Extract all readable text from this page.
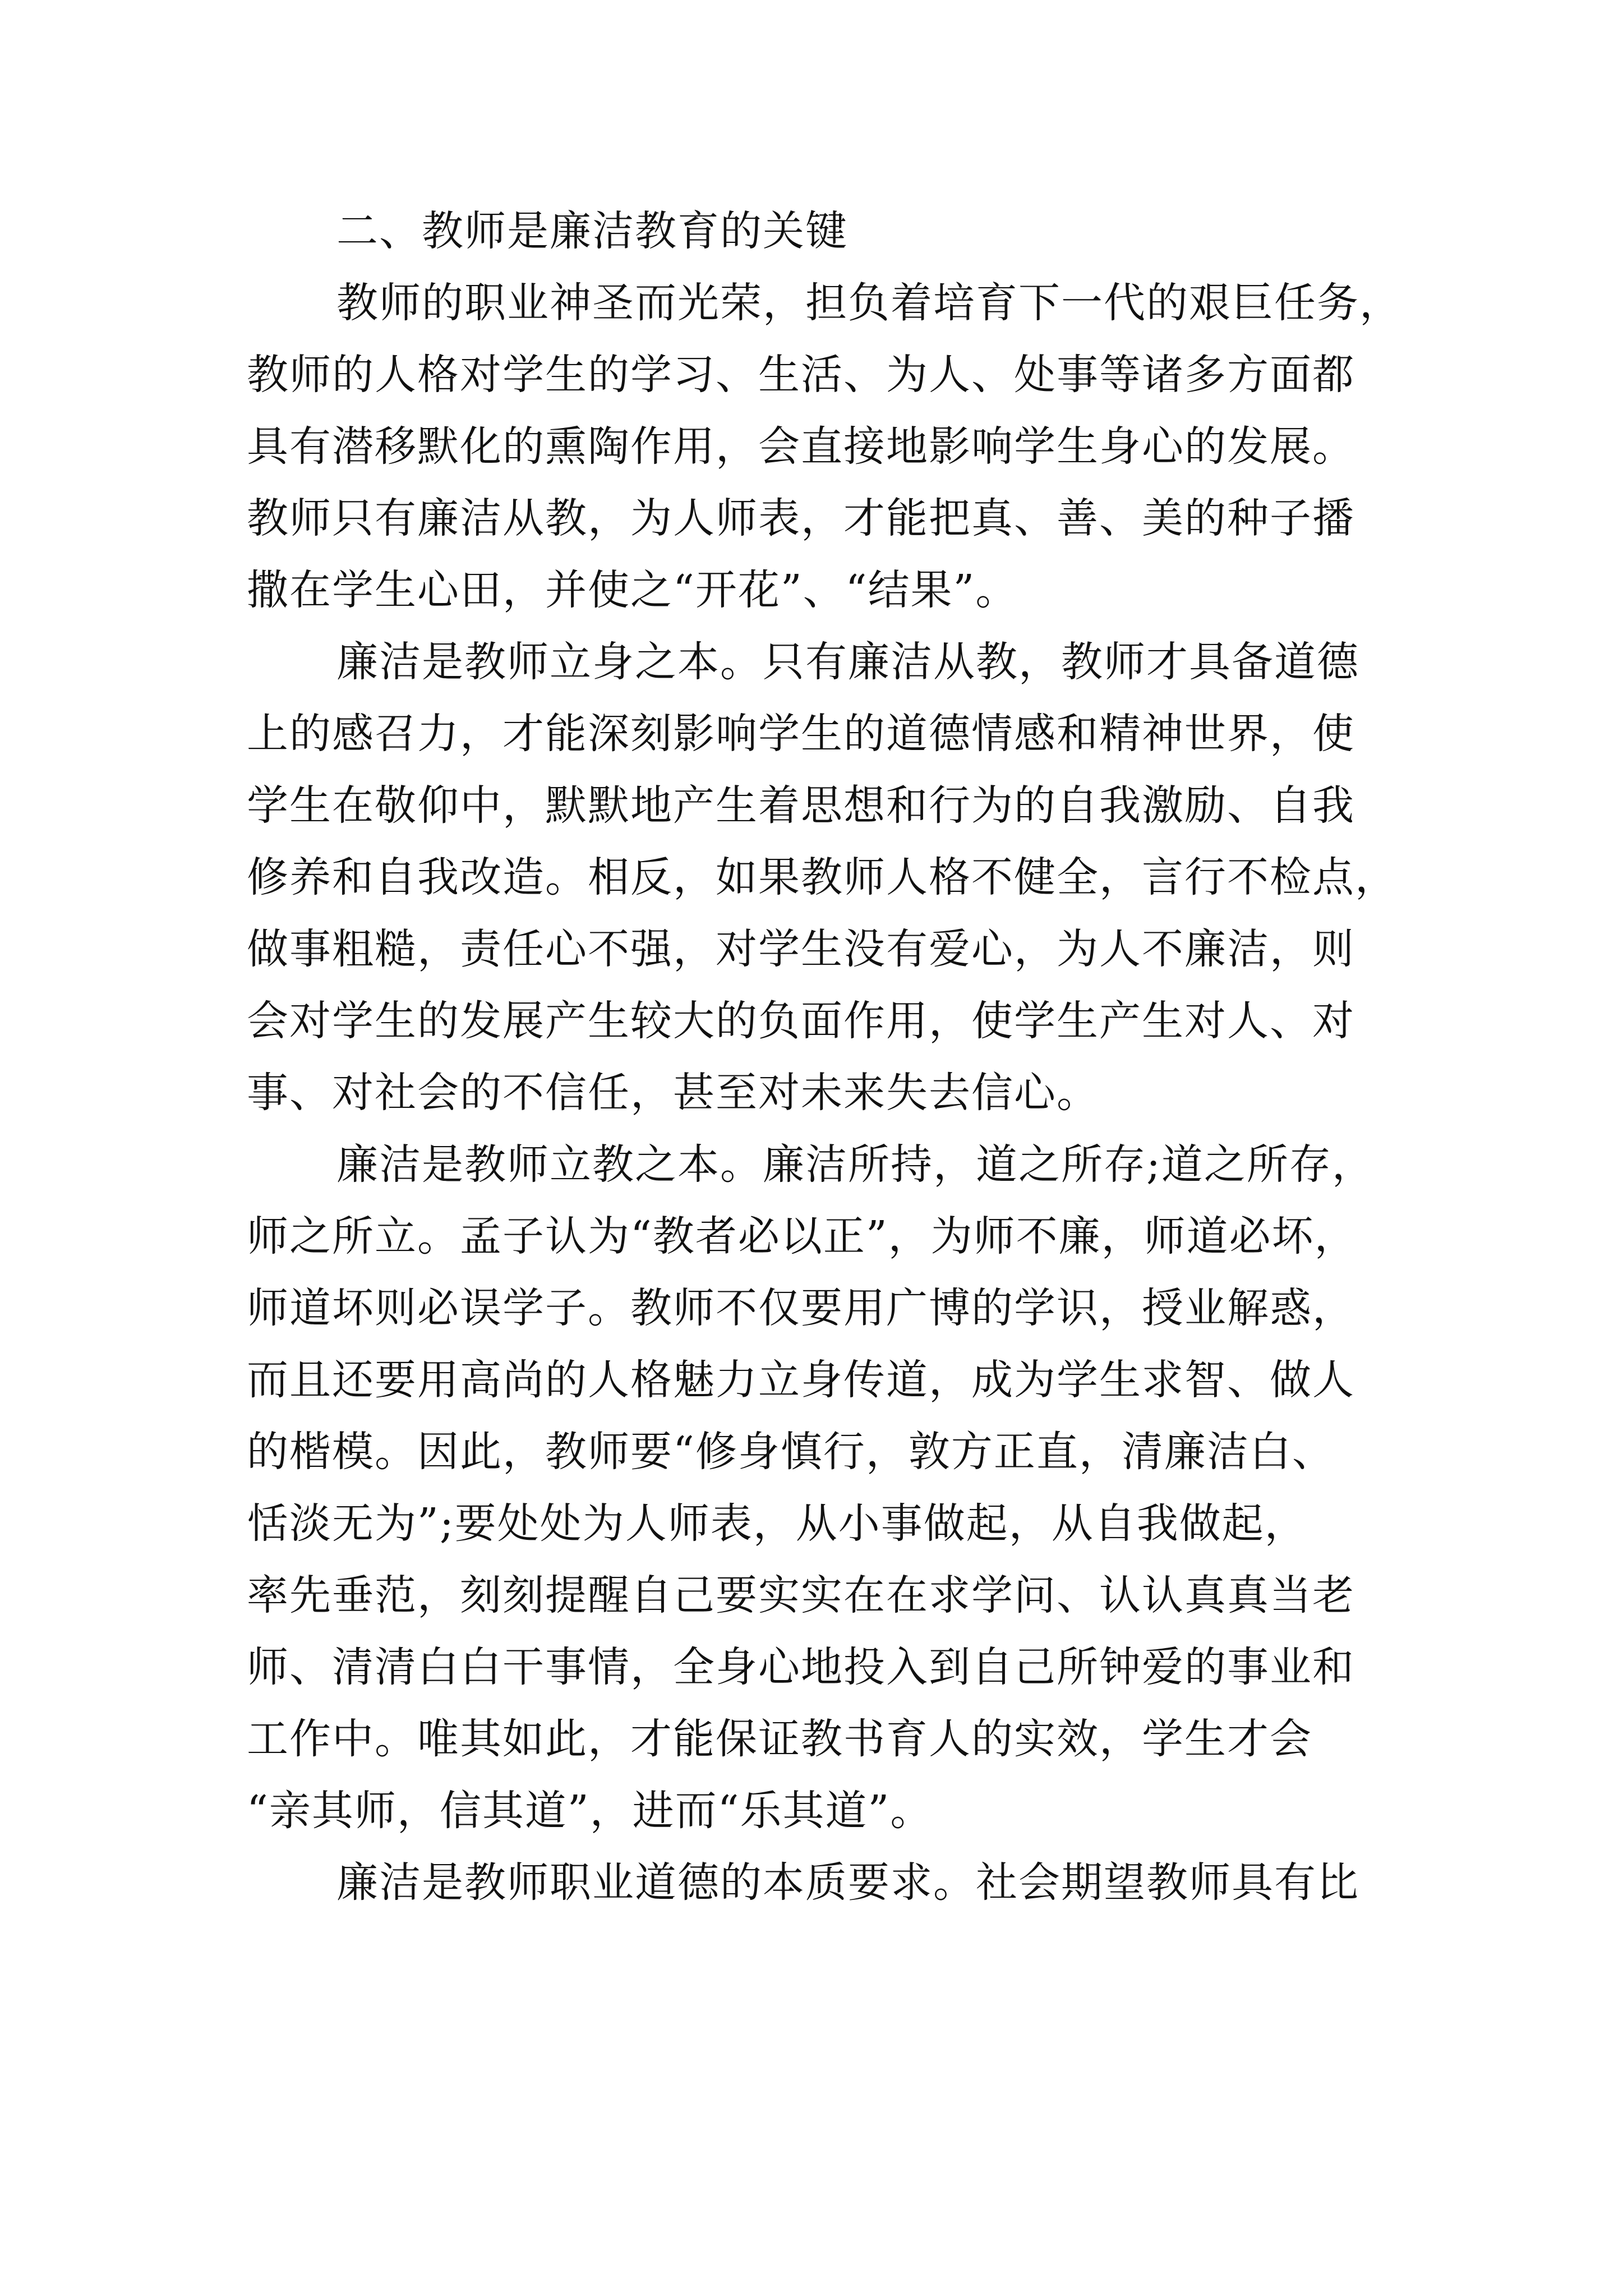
二、教师是廉洁教育的关键
教师的职业神圣而光荣，担负着培育下一代的艰巨任务，
教师的人格对学生的学习、生活、为人、处事等诸多方面都
具有潜移默化的熏陶作用，会直接地影响学生身心的发展。
教师只有廉洁从教，为人师表，才能把真、善、美的种子播
撒在学生心田，并使之“开花”、“结果”。
廉洁是教师立身之本。只有廉洁从教，教师才具备道德
上的感召力，才能深刻影响学生的道德情感和精神世界，使
学生在敬仰中，默默地产生着思想和行为的自我激励、自我
修养和自我改造。相反，如果教师人格不健全，言行不检点，
做事粗糙，责任心不强，对学生没有爱心，为人不廉洁，则
会对学生的发展产生较大的负面作用，使学生产生对人、对
事、对社会的不信任，甚至对未来失去信心。
廉洁是教师立教之本。廉洁所持，道之所存;道之所存，
师之所立。孟子认为“教者必以正”，为师不廉，师道必坏，
师道坏则必误学子。教师不仅要用广博的学识，授业解惑，
而且还要用高尚的人格魅力立身传道，成为学生求智、做人
的楷模。因此，教师要“修身慎行，敦方正直，清廉洁白、
恬淡无为”;要处处为人师表，从小事做起，从自我做起，
率先垂范，刻刻提醒自己要实实在在求学问、认认真真当老
师、清清白白干事情，全身心地投入到自己所钟爱的事业和
工作中。唯其如此，才能保证教书育人的实效，学生才会
“亲其师，信其道”，进而“乐其道”。
廉洁是教师职业道德的本质要求。社会期望教师具有比
